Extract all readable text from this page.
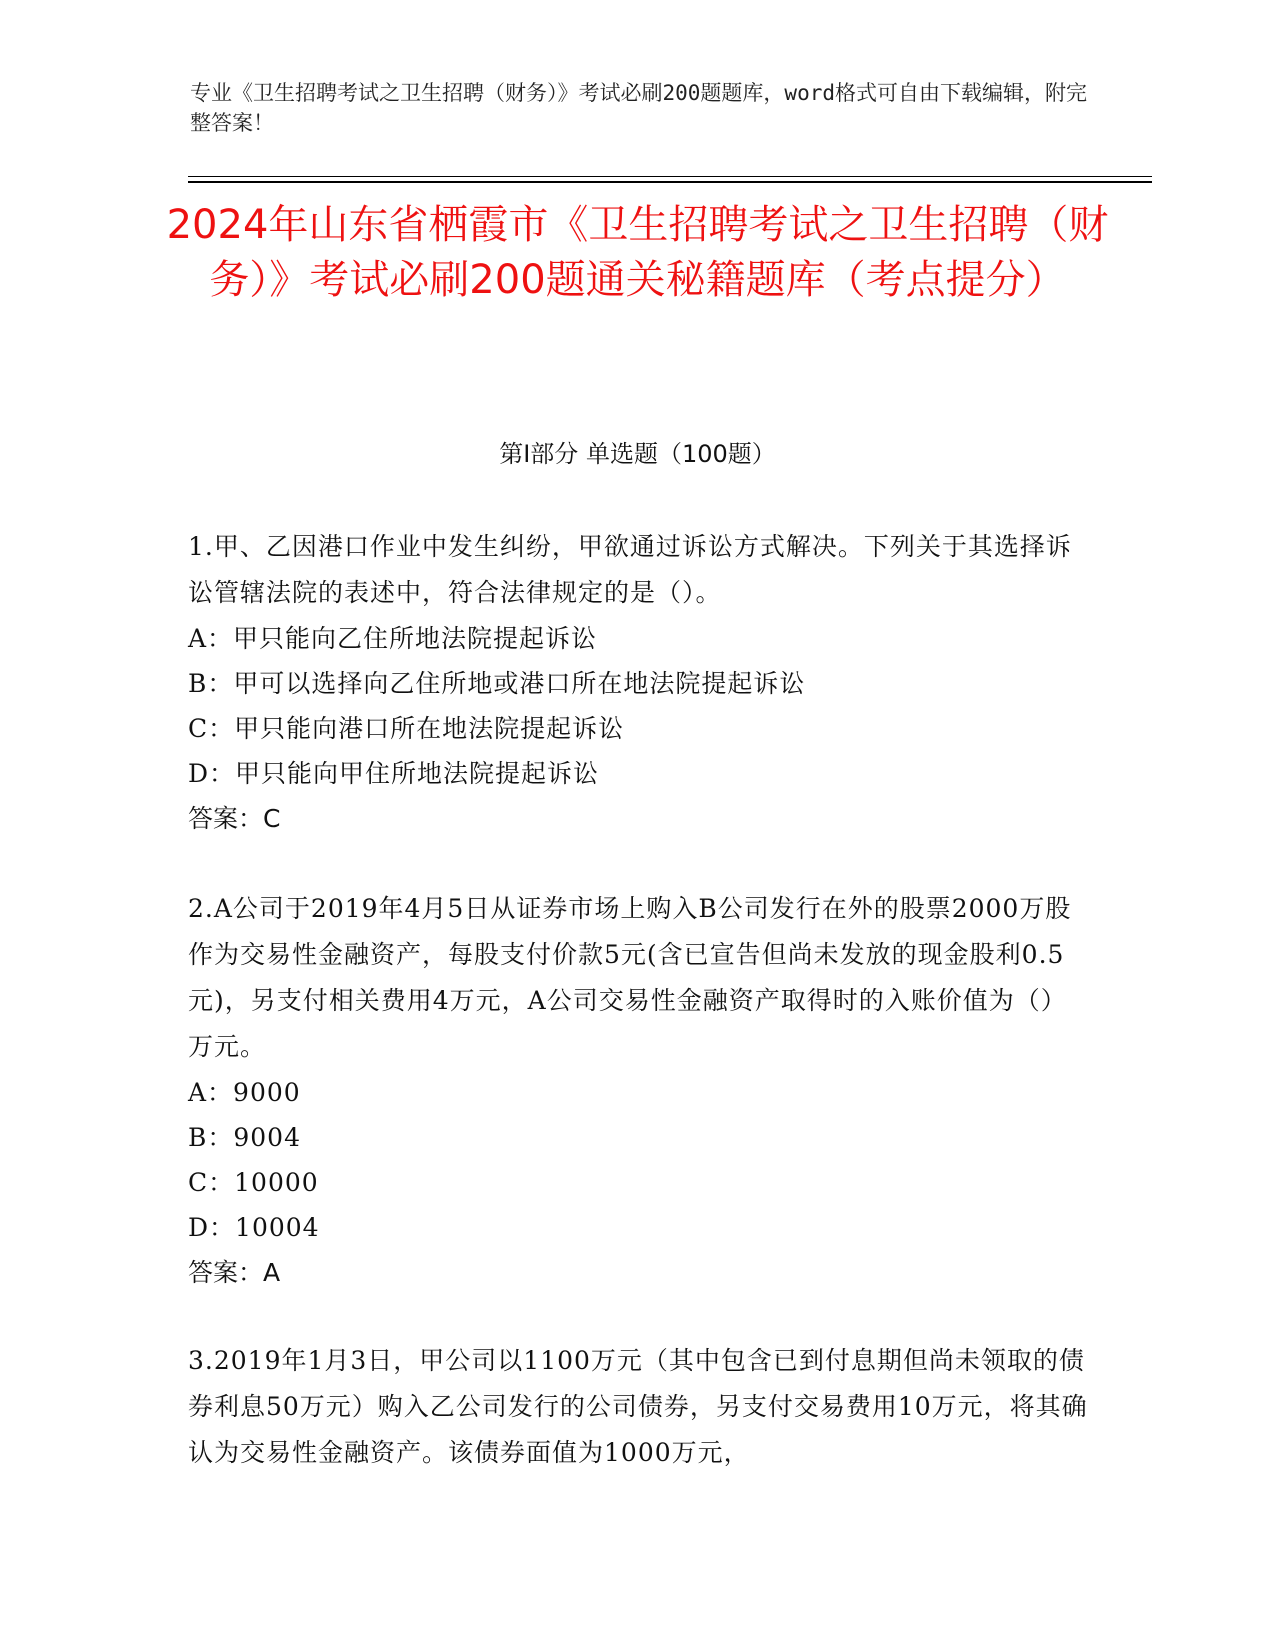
专业《卫生招聘考试之卫生招聘（财务）》考试必刷200题题库，word格式可自由下载编辑，附完整答案！
2024年山东省栖霞市《卫生招聘考试之卫生招聘（财务）》考试必刷200题通关秘籍题库（考点提分）
第Ⅰ部分 单选题（100题）

1.甲、乙因港口作业中发生纠纷，甲欲通过诉讼方式解决。下列关于其选择诉讼管辖法院的表述中，符合法律规定的是（）。

A：甲只能向乙住所地法院提起诉讼

B：甲可以选择向乙住所地或港口所在地法院提起诉讼

C：甲只能向港口所在地法院提起诉讼

D：甲只能向甲住所地法院提起诉讼

答案：C

2.A公司于2019年4月5日从证券市场上购入B公司发行在外的股票2000万股作为交易性金融资产，每股支付价款5元(含已宣告但尚未发放的现金股利0.5元)，另支付相关费用4万元，A公司交易性金融资产取得时的入账价值为（）万元。

A：9000

B：9004

C：10000

D：10004

答案：A

3.2019年1月3日，甲公司以1100万元（其中包含已到付息期但尚未领取的债券利息50万元）购入乙公司发行的公司债券，另支付交易费用10万元，将其确认为交易性金融资产。该债券面值为1000万元，
